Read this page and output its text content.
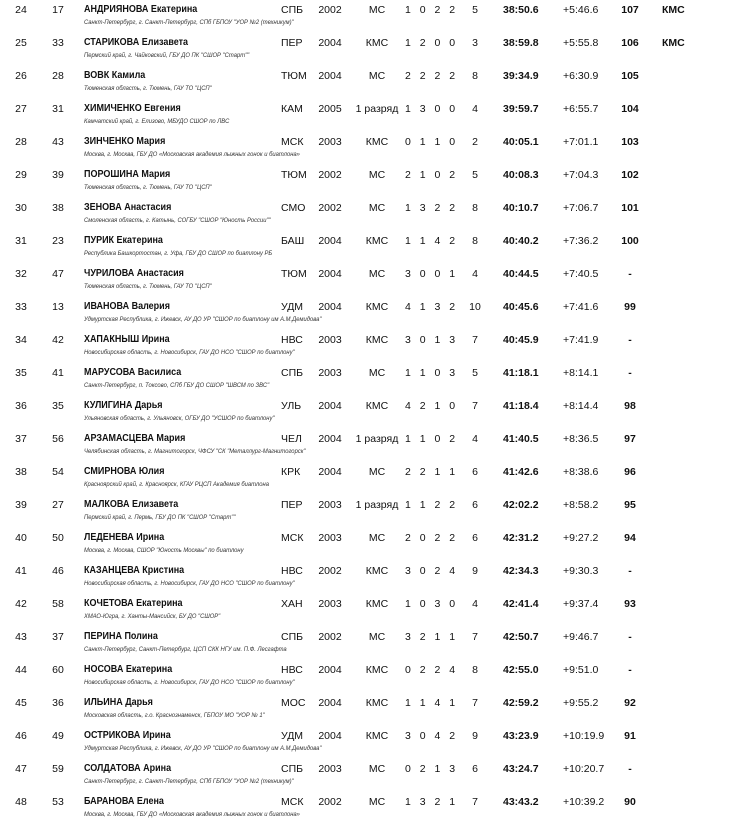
24	17	АНДРИЯНОВА Екатерина	СПБ	2002	МС	1 0 2 2	5	38:50.6 +5:46.6	107	КМС
Санкт-Петербург, г. Санкт-Петербург, СПб ГБПОУ "УОР №2 (техникум)"
25	33	СТАРИКОВА Елизавета	ПЕР	2004	КМС	1 2 0 0	3	38:59.8 +5:55.8	106	КМС
Пермский край, г. Чайковский, ГБУ ДО ПК "СШОР "Старт""
26	28	ВОВК Камила	ТЮМ	2004	МС	2 2 2 2	8	39:34.9 +6:30.9	105
Тюменская область, г. Тюмень, ГАУ ТО "ЦСП"
27	31	ХИМИЧЕНКО Евгения	КАМ	2005	1 разряд 1 3 0 0	4	39:59.7 +6:55.7	104
Камчатский край, г. Елизово, МБУДО СШОР по ЛВС
28	43	ЗИНЧЕНКО Мария	МСК	2003	КМС	0 1 1 0	2	40:05.1 +7:01.1	103
Москва, г. Москва, ГБУ ДО «Московская академия лыжных гонок и биатлона»
29	39	ПОРОШИНА Мария	ТЮМ	2002	МС	2 1 0 2	5	40:08.3 +7:04.3	102
Тюменская область, г. Тюмень, ГАУ ТО "ЦСП"
30	38	ЗЕНОВА Анастасия	СМО	2002	МС	1 3 2 2	8	40:10.7 +7:06.7	101
Смоленская область, г. Катынь, СОГБУ "СШОР "Юность России""
31	23	ПУРИК Екатерина	БАШ	2004	КМС	1 1 4 2	8	40:40.2 +7:36.2	100
Республика Башкортостан, г. Уфа, ГБУ ДО СШОР по биатлону РБ
32	47	ЧУРИЛОВА Анастасия	ТЮМ	2004	МС	3 0 0 1	4	40:44.5 +7:40.5	-
Тюменская область, г. Тюмень, ГАУ ТО "ЦСП"
33	13	ИВАНОВА Валерия	УДМ	2004	КМС	4 1 3 2	10	40:45.6 +7:41.6	99
Удмуртская Республика, г. Ижевск, АУ ДО УР "СШОР по биатлону им А.М.Демидова"
34	42	ХАПАКНЫШ Ирина	НВС	2003	КМС	3 0 1 3	7	40:45.9 +7:41.9	-
Новосибирская область, г. Новосибирск, ГАУ ДО НСО "СШОР по биатлону"
35	41	МАРУСОВА Василиса	СПБ	2003	МС	1 1 0 3	5	41:18.1 +8:14.1	-
Санкт-Петербург, п. Токсово, СПб ГБУ ДО СШОР "ШВСМ по ЗВС"
36	35	КУЛИГИНА Дарья	УЛЬ	2004	КМС	4 2 1 0	7	41:18.4 +8:14.4	98
Ульяновская область, г. Ульяновск, ОГБУ ДО "УСШОР по биатлону"
37	56	АРЗАМАСЦЕВА Мария	ЧЕЛ	2004	1 разряд 1 1 0 2	4	41:40.5 +8:36.5	97
Челябинская область, г. Магнитогорск, ЧФСУ "СК "Металлург-Магнитогорск"
38	54	СМИРНОВА Юлия	КРК	2004	МС	2 2 1 1	6	41:42.6 +8:38.6	96
Красноярский край, г. Красноярск, КГАУ РЦСП Академия биатлона
39	27	МАЛКОВА Елизавета	ПЕР	2003	1 разряд 1 1 2 2	6	42:02.2 +8:58.2	95
Пермский край, г. Пермь, ГБУ ДО ПК "СШОР "Старт""
40	50	ЛЕДЕНЕВА Ирина	МСК	2003	МС	2 0 2 2	6	42:31.2 +9:27.2	94
Москва, г. Москва, СШОР "Юность Москвы" по биатлону
41	46	КАЗАНЦЕВА Кристина	НВС	2002	КМС	3 0 2 4	9	42:34.3 +9:30.3	-
Новосибирская область, г. Новосибирск, ГАУ ДО НСО "СШОР по биатлону"
42	58	КОЧЕТОВА Екатерина	ХАН	2003	КМС	1 0 3 0	4	42:41.4 +9:37.4	93
ХМАО-Югра, г. Ханты-Мансийск, БУ ДО "СШОР"
43	37	ПЕРИНА Полина	СПБ	2002	МС	3 2 1 1	7	42:50.7 +9:46.7	-
Санкт-Петербург, Санкт-Петербург, ЦСП СКК НГУ им. П.Ф. Лесгафта
44	60	НОСОВА Екатерина	НВС	2004	КМС	0 2 2 4	8	42:55.0 +9:51.0	-
Новосибирская область, г. Новосибирск, ГАУ ДО НСО "СШОР по биатлону"
45	36	ИЛЬИНА Дарья	МОС	2004	КМС	1 1 4 1	7	42:59.2 +9:55.2	92
Московская область, г.о. Краснознаменск, ГБПОУ МО "УОР № 1"
46	49	ОСТРИКОВА Ирина	УДМ	2004	КМС	3 0 4 2	9	43:23.9 +10:19.9	91
Удмуртская Республика, г. Ижевск, АУ ДО УР "СШОР по биатлону им А.М.Демидова"
47	59	СОЛДАТОВА Арина	СПБ	2003	МС	0 2 1 3	6	43:24.7 +10:20.7	-
Санкт-Петербург, г. Санкт-Петербург, СПб ГБПОУ "УОР №2 (техникум)"
48	53	БАРАНОВА Елена	МСК	2002	МС	1 3 2 1	7	43:43.2 +10:39.2	90
Москва, г. Москва, ГБУ ДО «Московская академия лыжных гонок и биатлона»
